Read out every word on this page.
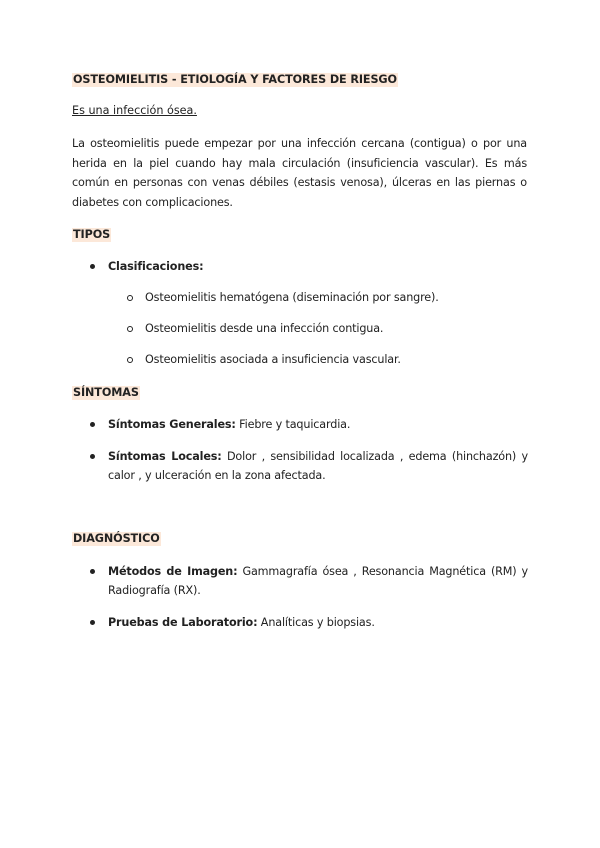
OSTEOMIELITIS - ETIOLOGÍA Y FACTORES DE RIESGO
Es una infección ósea.
La osteomielitis puede empezar por una infección cercana (contigua) o por una herida en la piel cuando hay mala circulación (insuficiencia vascular). Es más común en personas con venas débiles (estasis venosa), úlceras en las piernas o diabetes con complicaciones.
TIPOS
Clasificaciones:
Osteomielitis hematógena (diseminación por sangre).
Osteomielitis desde una infección contigua.
Osteomielitis asociada a insuficiencia vascular.
SÍNTOMAS
Síntomas Generales: Fiebre y taquicardia.
Síntomas Locales: Dolor , sensibilidad localizada , edema (hinchazón) y calor , y ulceración en la zona afectada.
DIAGNÓSTICO
Métodos de Imagen: Gammagrafía ósea , Resonancia Magnética (RM) y Radiografía (RX).
Pruebas de Laboratorio: Analíticas y biopsias.
